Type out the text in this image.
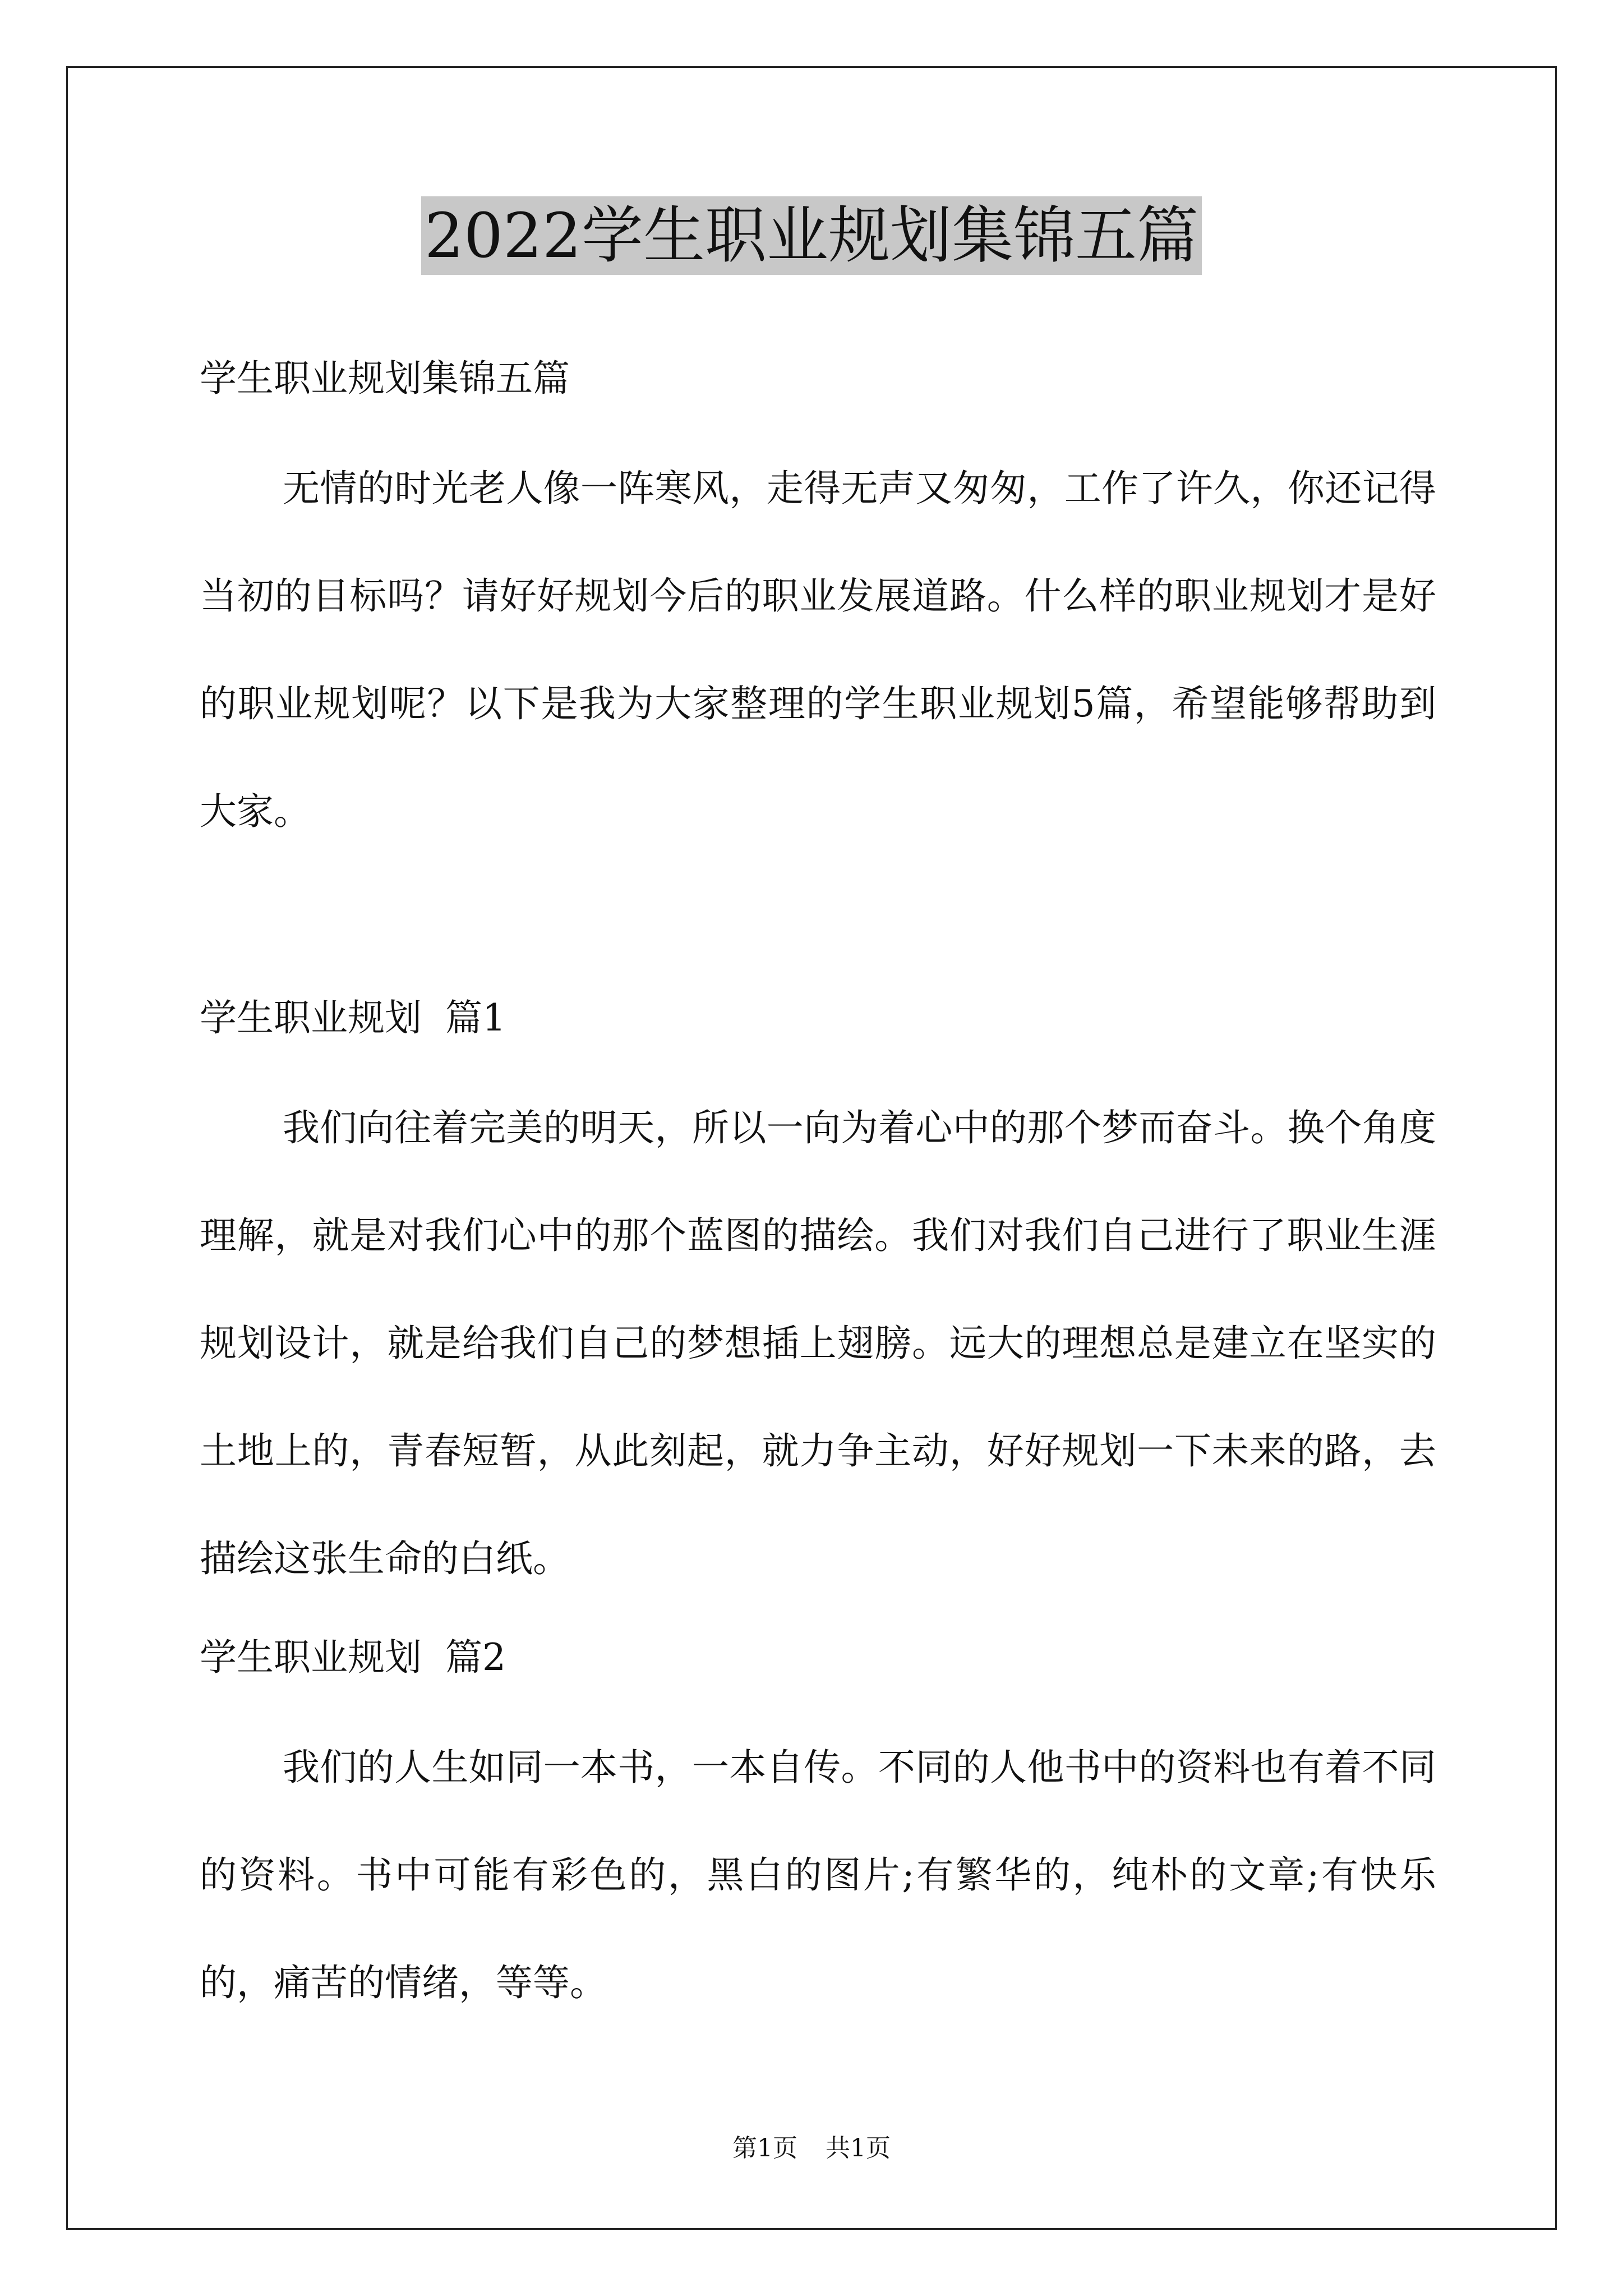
2022学生职业规划集锦五篇

学生职业规划集锦五篇

无情的时光老人像一阵寒风，走得无声又匆匆，工作了许久，你还记得当初的目标吗？请好好规划今后的职业发展道路。什么样的职业规划才是好的职业规划呢？以下是我为大家整理的学生职业规划5篇，希望能够帮助到大家。

学生职业规划  篇1

我们向往着完美的明天，所以一向为着心中的那个梦而奋斗。换个角度理解，就是对我们心中的那个蓝图的描绘。我们对我们自己进行了职业生涯规划设计，就是给我们自己的梦想插上翅膀。远大的理想总是建立在坚实的土地上的，青春短暂，从此刻起，就力争主动，好好规划一下未来的路，去描绘这张生命的白纸。

学生职业规划  篇2

我们的人生如同一本书，一本自传。不同的人他书中的资料也有着不同的资料。书中可能有彩色的，黑白的图片;有繁华的，纯朴的文章;有快乐的，痛苦的情绪，等等。

第1页 共1页
